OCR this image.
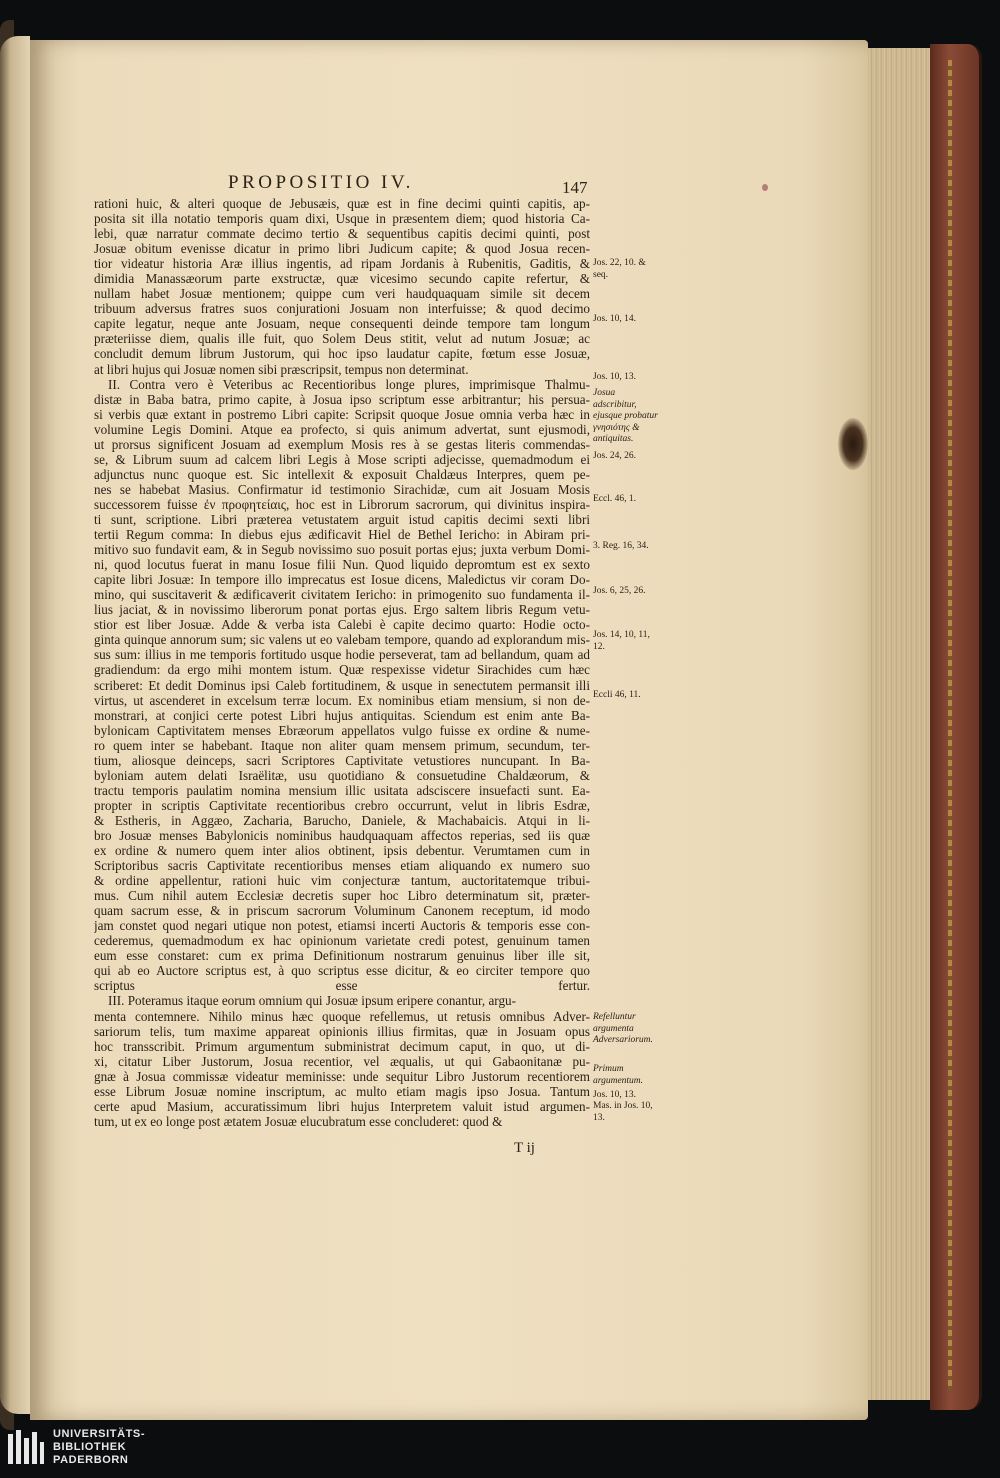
PROPOSITIO IV.	147
rationi huic, & alteri quoque de Jebusæis, quæ est in fine decimi quinti capitis, ap-
posita sit illa notatio temporis quam dixi, Usque in præsentem diem; quod historia Ca-
lebi, quæ narratur commate decimo tertio & sequentibus capitis decimi quinti, post
Josuæ obitum evenisse dicatur in primo libri Judicum capite; & quod Josua recen-
tior videatur historia Aræ illius ingentis, ad ripam Jordanis à Rubenitis, Gaditis, &
dimidia Manassæorum parte exstructæ, quæ vicesimo secundo capite refertur, &
nullam habet Josuæ mentionem; quippe cum veri haudquaquam simile sit decem
tribuum adversus fratres suos conjurationi Josuam non interfuisse; & quod decimo
capite legatur, neque ante Josuam, neque consequenti deinde tempore tam longum
præteriisse diem, qualis ille fuit, quo Solem Deus stitit, velut ad nutum Josuæ; ac
concludit demum librum Justorum, qui hoc ipso laudatur capite, fœtum esse Josuæ,
at libri hujus qui Josuæ nomen sibi præscripsit, tempus non determinat.
II. Contra vero è Veteribus ac Recentioribus longe plures, imprimisque Thalmu-
distæ in Baba batra, primo capite, à Josua ipso scriptum esse arbitrantur; his persua-
si verbis quæ extant in postremo Libri capite: Scripsit quoque Josue omnia verba hæc in
volumine Legis Domini. Atque ea profecto, si quis animum advertat, sunt ejusmodi,
ut prorsus significent Josuam ad exemplum Mosis res à se gestas literis commendas-
se, & Librum suum ad calcem libri Legis à Mose scripti adjecisse, quemadmodum ei
adjunctus nunc quoque est. Sic intellexit & exposuit Chaldæus Interpres, quem pe-
nes se habebat Masius. Confirmatur id testimonio Sirachidæ, cum ait Josuam Mosis
successorem fuisse ἐν προφητείαις, hoc est in Librorum sacrorum, qui divinitus inspira-
ti sunt, scriptione. Libri præterea vetustatem arguit istud capitis decimi sexti libri
tertii Regum comma: In diebus ejus ædificavit Hiel de Bethel Iericho: in Abiram pri-
mitivo suo fundavit eam, & in Segub novissimo suo posuit portas ejus; juxta verbum Domi-
ni, quod locutus fuerat in manu Iosue filii Nun. Quod liquido depromtum est ex sexto
capite libri Josuæ: In tempore illo imprecatus est Iosue dicens, Maledictus vir coram Do-
mino, qui suscitaverit & ædificaverit civitatem Iericho: in primogenito suo fundamenta il-
lius jaciat, & in novissimo liberorum ponat portas ejus. Ergo saltem libris Regum vetu-
stior est liber Josuæ. Adde & verba ista Calebi è capite decimo quarto: Hodie octo-
ginta quinque annorum sum; sic valens ut eo valebam tempore, quando ad explorandum mis-
sus sum: illius in me temporis fortitudo usque hodie perseverat, tam ad bellandum, quam ad
gradiendum: da ergo mihi montem istum. Quæ respexisse videtur Sirachides cum hæc
scriberet: Et dedit Dominus ipsi Caleb fortitudinem, & usque in senectutem permansit illi
virtus, ut ascenderet in excelsum terræ locum. Ex nominibus etiam mensium, si non de-
monstrari, at conjici certe potest Libri hujus antiquitas. Sciendum est enim ante Ba-
bylonicam Captivitatem menses Ebræorum appellatos vulgo fuisse ex ordine & nume-
ro quem inter se habebant. Itaque non aliter quam mensem primum, secundum, ter-
tium, aliosque deinceps, sacri Scriptores Captivitate vetustiores nuncupant. In Ba-
byloniam autem delati Israëlitæ, usu quotidiano & consuetudine Chaldæorum, &
tractu temporis paulatim nomina mensium illic usitata adsciscere insuefacti sunt. Ea-
propter in scriptis Captivitate recentioribus crebro occurrunt, velut in libris Esdræ,
& Estheris, in Aggæo, Zacharia, Barucho, Daniele, & Machabaicis. Atqui in li-
bro Josuæ menses Babylonicis nominibus haudquaquam affectos reperias, sed iis quæ
ex ordine & numero quem inter alios obtinent, ipsis debentur. Verumtamen cum in
Scriptoribus sacris Captivitate recentioribus menses etiam aliquando ex numero suo
& ordine appellentur, rationi huic vim conjecturæ tantum, auctoritatemque tribui-
mus. Cum nihil autem Ecclesiæ decretis super hoc Libro determinatum sit, præter-
quam sacrum esse, & in priscum sacrorum Voluminum Canonem receptum, id modo
jam constet quod negari utique non potest, etiamsi incerti Auctoris & temporis esse con-
cederemus, quemadmodum ex hac opinionum varietate credi potest, genuinum tamen
eum esse constaret: cum ex prima Definitionum nostrarum genuinus liber ille sit,
qui ab eo Auctore scriptus est, à quo scriptus esse dicitur, & eo circiter tempore quo
scriptus esse fertur.
III. Poteramus itaque eorum omnium qui Josuæ ipsum eripere conantur, argu-
menta contemnere. Nihilo minus hæc quoque refellemus, ut retusis omnibus Adver-
sariorum telis, tum maxime appareat opinionis illius firmitas, quæ in Josuam opus
hoc transscribit. Primum argumentum subministrat decimum caput, in quo, ut di-
xi, citatur Liber Justorum, Josua recentior, vel æqualis, ut qui Gabaonitanæ pu-
gnæ à Josua commissæ videatur meminisse: unde sequitur Libro Justorum recentiorem
esse Librum Josuæ nomine inscriptum, ac multo etiam magis ipso Josua. Tantum
certe apud Masium, accuratissimum libri hujus Interpretem valuit istud argumen-
tum, ut ex eo longe post ætatem Josuæ elucubratum esse concluderet: quod &
Jos. 22, 10. & seq.
Jos. 10, 14.
Jos. 10, 13.
Josua adscribitur, ejusque probatur γνησιότης & antiquitas.
Jos. 24, 26.
Eccl. 46, 1.
3. Reg. 16, 34.
Jos. 6, 25, 26.
Jos. 14, 10, 11, 12.
Eccli 46, 11.
Refelluntur argumenta Adversariorum.
Primum argumentum.
Jos. 10, 13.
Mas. in Jos. 10, 13.
T ij
UNIVERSITÄTS-
BIBLIOTHEK
PADERBORN
